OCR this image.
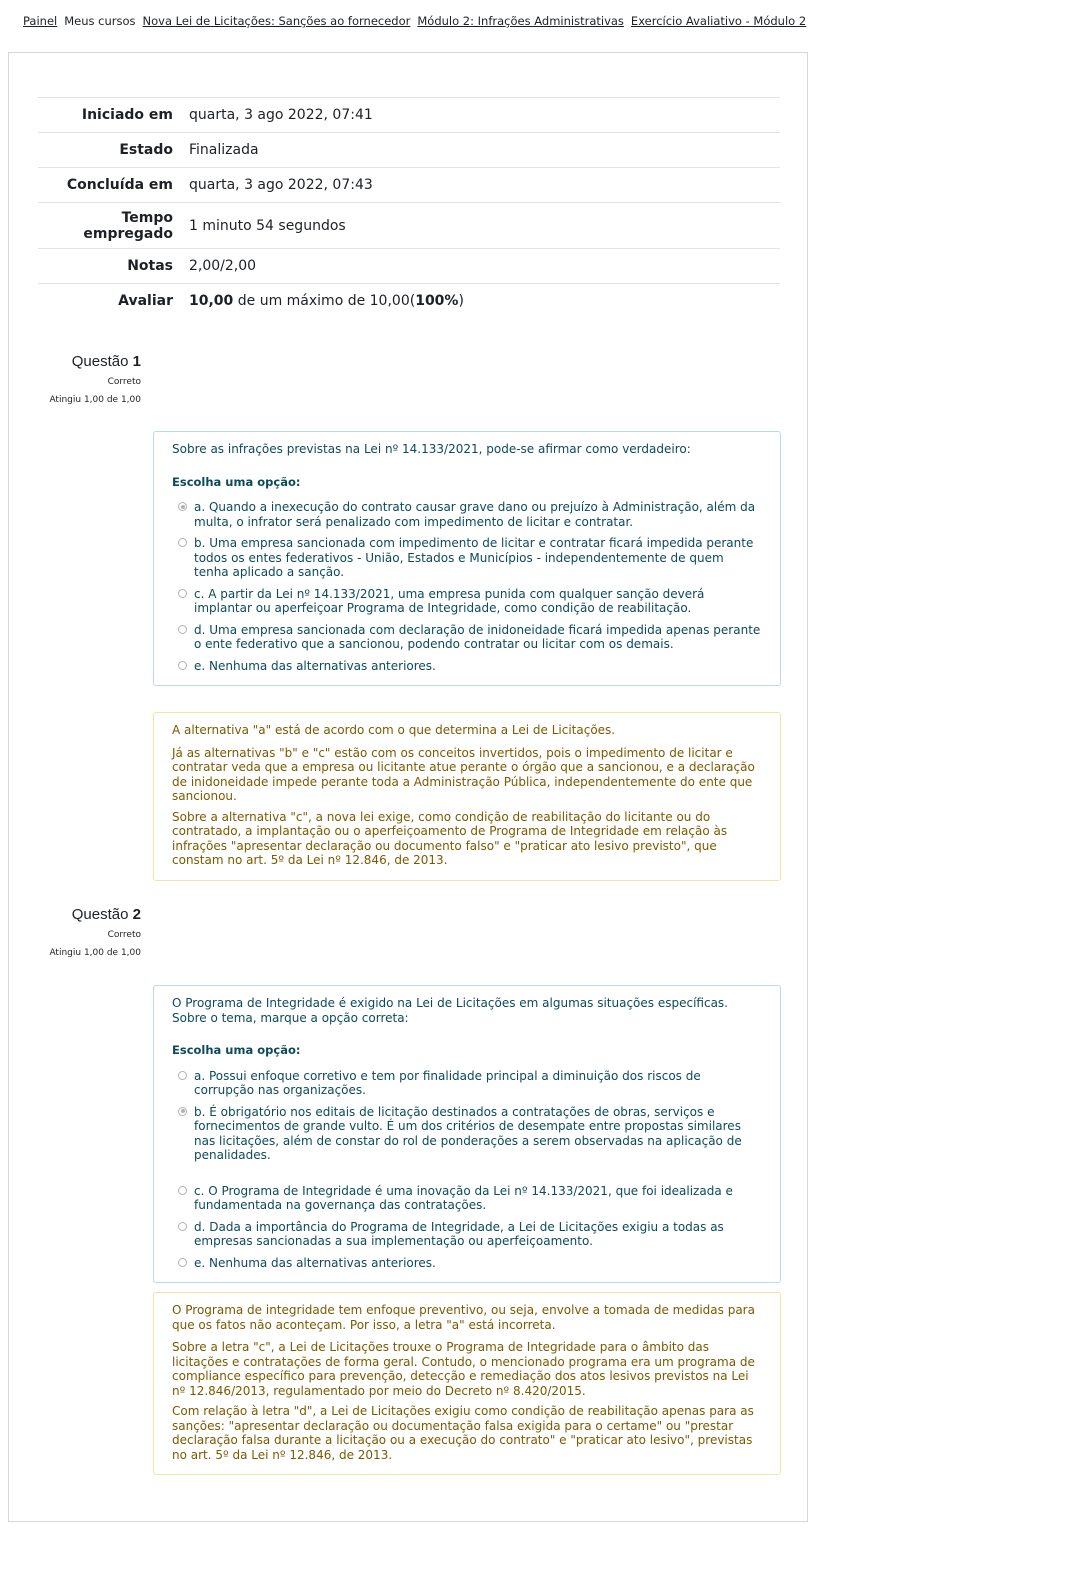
Painel Meus cursos Nova Lei de Licitações: Sanções ao fornecedor Módulo 2: Infrações Administrativas Exercício Avaliativo - Módulo 2
Iniciado em	quarta, 3 ago 2022, 07:41
Estado	Finalizada
Concluída em	quarta, 3 ago 2022, 07:43
Tempo empregado	1 minuto 54 segundos
Notas	2,00/2,00
Avaliar	10,00 de um máximo de 10,00(100%)
Questão 1
Correto
Atingiu 1,00 de 1,00

Sobre as infrações previstas na Lei nº 14.133/2021, pode-se afirmar como verdadeiro:

Escolha uma opção:
a. Quando a inexecução do contrato causar grave dano ou prejuízo à Administração, além da multa, o infrator será penalizado com impedimento de licitar e contratar.
b. Uma empresa sancionada com impedimento de licitar e contratar ficará impedida perante todos os entes federativos - União, Estados e Municípios - independentemente de quem tenha aplicado a sanção.
c. A partir da Lei nº 14.133/2021, uma empresa punida com qualquer sanção deverá implantar ou aperfeiçoar Programa de Integridade, como condição de reabilitação.
d. Uma empresa sancionada com declaração de inidoneidade ficará impedida apenas perante o ente federativo que a sancionou, podendo contratar ou licitar com os demais.
e. Nenhuma das alternativas anteriores.

A alternativa "a" está de acordo com o que determina a Lei de Licitações.

Já as alternativas "b" e "c" estão com os conceitos invertidos, pois o impedimento de licitar e contratar veda que a empresa ou licitante atue perante o órgão que a sancionou, e a declaração de inidoneidade impede perante toda a Administração Pública, independentemente do ente que sancionou.

Sobre a alternativa "c", a nova lei exige, como condição de reabilitação do licitante ou do contratado, a implantação ou o aperfeiçoamento de Programa de Integridade em relação às infrações "apresentar declaração ou documento falso" e "praticar ato lesivo previsto", que constam no art. 5º da Lei nº 12.846, de 2013.

Questão 2
Correto
Atingiu 1,00 de 1,00

O Programa de Integridade é exigido na Lei de Licitações em algumas situações específicas. Sobre o tema, marque a opção correta:

Escolha uma opção:
a. Possui enfoque corretivo e tem por finalidade principal a diminuição dos riscos de corrupção nas organizações.
b. É obrigatório nos editais de licitação destinados a contratações de obras, serviços e fornecimentos de grande vulto. É um dos critérios de desempate entre propostas similares nas licitações, além de constar do rol de ponderações a serem observadas na aplicação de penalidades.
c. O Programa de Integridade é uma inovação da Lei nº 14.133/2021, que foi idealizada e fundamentada na governança das contratações.
d. Dada a importância do Programa de Integridade, a Lei de Licitações exigiu a todas as empresas sancionadas a sua implementação ou aperfeiçoamento.
e. Nenhuma das alternativas anteriores.

O Programa de integridade tem enfoque preventivo, ou seja, envolve a tomada de medidas para que os fatos não aconteçam. Por isso, a letra "a" está incorreta.

Sobre a letra "c", a Lei de Licitações trouxe o Programa de Integridade para o âmbito das licitações e contratações de forma geral. Contudo, o mencionado programa era um programa de compliance específico para prevenção, detecção e remediação dos atos lesivos previstos na Lei nº 12.846/2013, regulamentado por meio do Decreto nº 8.420/2015.

Com relação à letra "d", a Lei de Licitações exigiu como condição de reabilitação apenas para as sanções: "apresentar declaração ou documentação falsa exigida para o certame" ou "prestar declaração falsa durante a licitação ou a execução do contrato" e "praticar ato lesivo", previstas no art. 5º da Lei nº 12.846, de 2013.
